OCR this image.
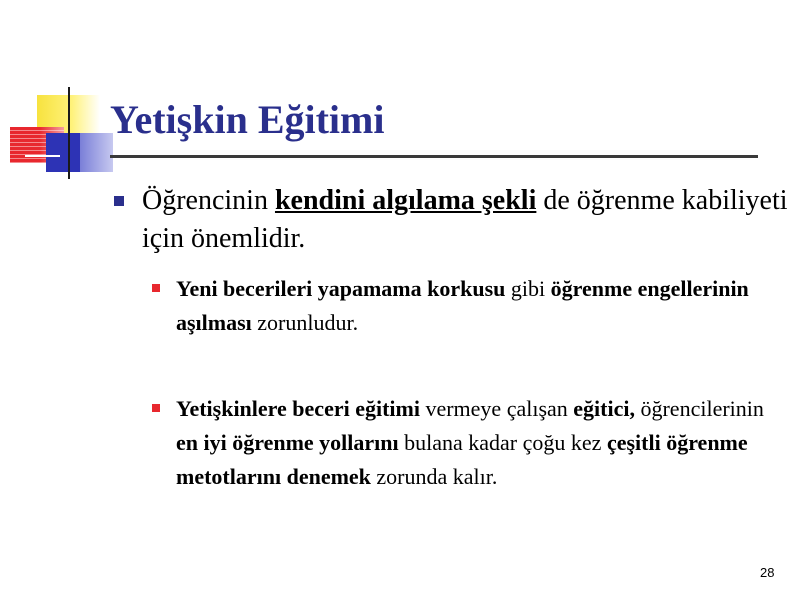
Yetişkin Eğitimi
Öğrencinin kendini algılama şekli de öğrenme kabiliyeti için önemlidir.
Yeni becerileri yapamama korkusu gibi öğrenme engellerinin aşılması zorunludur.
Yetişkinlere beceri eğitimi vermeye çalışan eğitici, öğrencilerinin en iyi öğrenme yollarını bulana kadar çoğu kez çeşitli öğrenme metotlarını denemek zorunda kalır.
28
